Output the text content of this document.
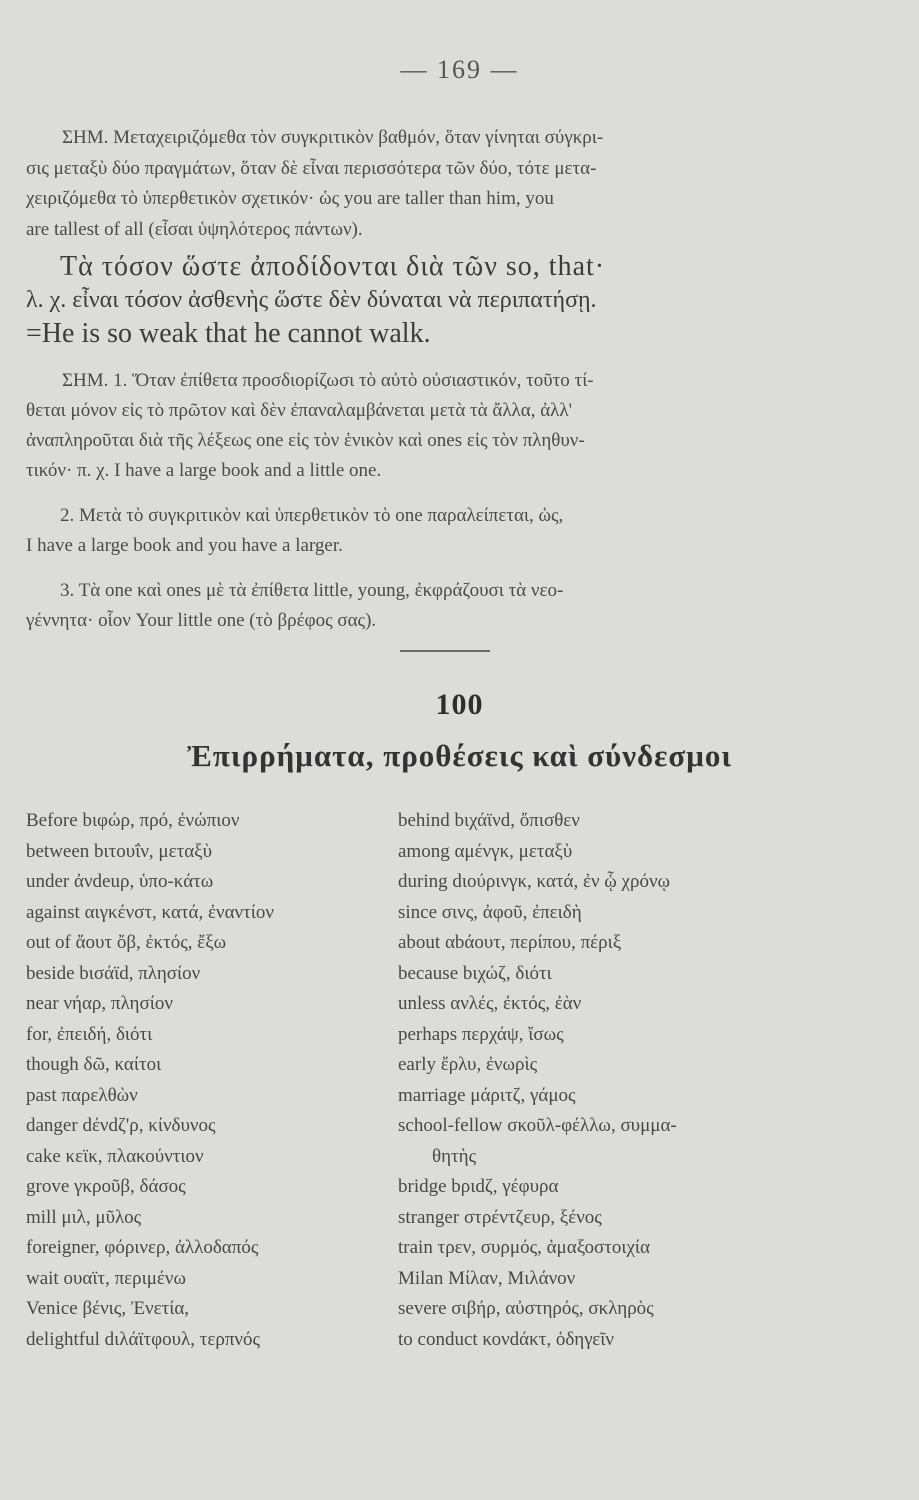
— 169 —
ΣΗΜ. Μεταχειριζόμεθα τὸν συγκριτικὸν βαθμόν, ὅταν γίνηται σύγκρι-
σις μεταξὺ δύο πραγμάτων, ὅταν δὲ εἶναι περισσότερα τῶν δύο, τότε μετα-
χειριζόμεθα τὸ ὑπερθετικὸν σχετικόν· ὡς you are taller than him, you
are tallest of all (εἶσαι ὑψηλότερος πάντων).
Τὰ τόσον ὥστε ἀποδίδονται διὰ τῶν so, that·
λ. χ. εἶναι τόσον ἀσθενὴς ὥστε δὲν δύναται νὰ περιπατήσῃ.
=He is so weak that he cannot walk.
ΣΗΜ. 1. Ὅταν ἐπίθετα προσδιορίζωσι τὸ αὐτὸ οὐσιαστικόν, τοῦτο τί-
θεται μόνον εἰς τὸ πρῶτον καὶ δὲν ἐπαναλαμβάνεται μετὰ τὰ ἄλλα, ἀλλ'
ἀναπληροῦται διὰ τῆς λέξεως one εἰς τὸν ἑνικὸν καὶ ones εἰς τὸν πληθυν-
τικόν· π. χ. I have a large book and a little one.
2. Μετὰ τὸ συγκριτικὸν καὶ ὑπερθετικὸν τὸ one παραλείπεται, ὡς,
I have a large book and you have a larger.
3. Τὰ one καὶ ones μὲ τὰ ἐπίθετα little, young, ἐκφράζουσι τὰ νεο-
γέννητα· οἷον Your little one (τὸ βρέφος σας).
100
Ἐπιρρήματα, προθέσεις καὶ σύνδεσμοι
Before bιφώρ, πρό, ἐνώπιον
between bιτουΐν, μεταξὺ
under ἀνdeuρ, ὑπο-κάτω
against αιγκένστ, κατά, ἐναντίον
out of ἄουτ ὄβ, ἐκτός, ἔξω
beside bισάϊd, πλησίον
near νήαρ, πλησίον
for, ἐπειδή, διότι
though δῶ, καίτοι
past παρελθὼν
danger dένdζ'ρ, κίνδυνος
cake κεϊκ, πλακούντιον
grove γκροῦβ, δάσος
mill μιλ, μῦλος
foreigner, φόρινερ, ἀλλοδαπός
wait ουαϊτ, περιμένω
Venice βένις, Ἐνετία,
delightful dιλάϊτφουλ, τερπνός
behind bιχάϊνd, ὄπισθεν
among αμένγκ, μεταξὺ
during dιούρινγκ, κατά, ἐν ᾧ χρόνῳ
since σινς, ἀφοῦ, ἐπειδὴ
about αbάουτ, περίπου, πέριξ
because bιχώζ, διότι
unless ανλές, ἐκτός, ἐὰν
perhaps περχάψ, ἴσως
early ἔρλυ, ἐνωρὶς
marriage μάριτζ, γάμος
school-fellow σκοῦλ-φέλλω, συμμα-
θητὴς
bridge bριdζ, γέφυρα
stranger στρέντζευρ, ξένος
train τρεν, συρμός, ἁμαξοστοιχία
Milan Μίλαν, Μιλάνον
severe σιβήρ, αὐστηρός, σκληρὸς
to conduct κονdάκτ, ὁδηγεῖν
